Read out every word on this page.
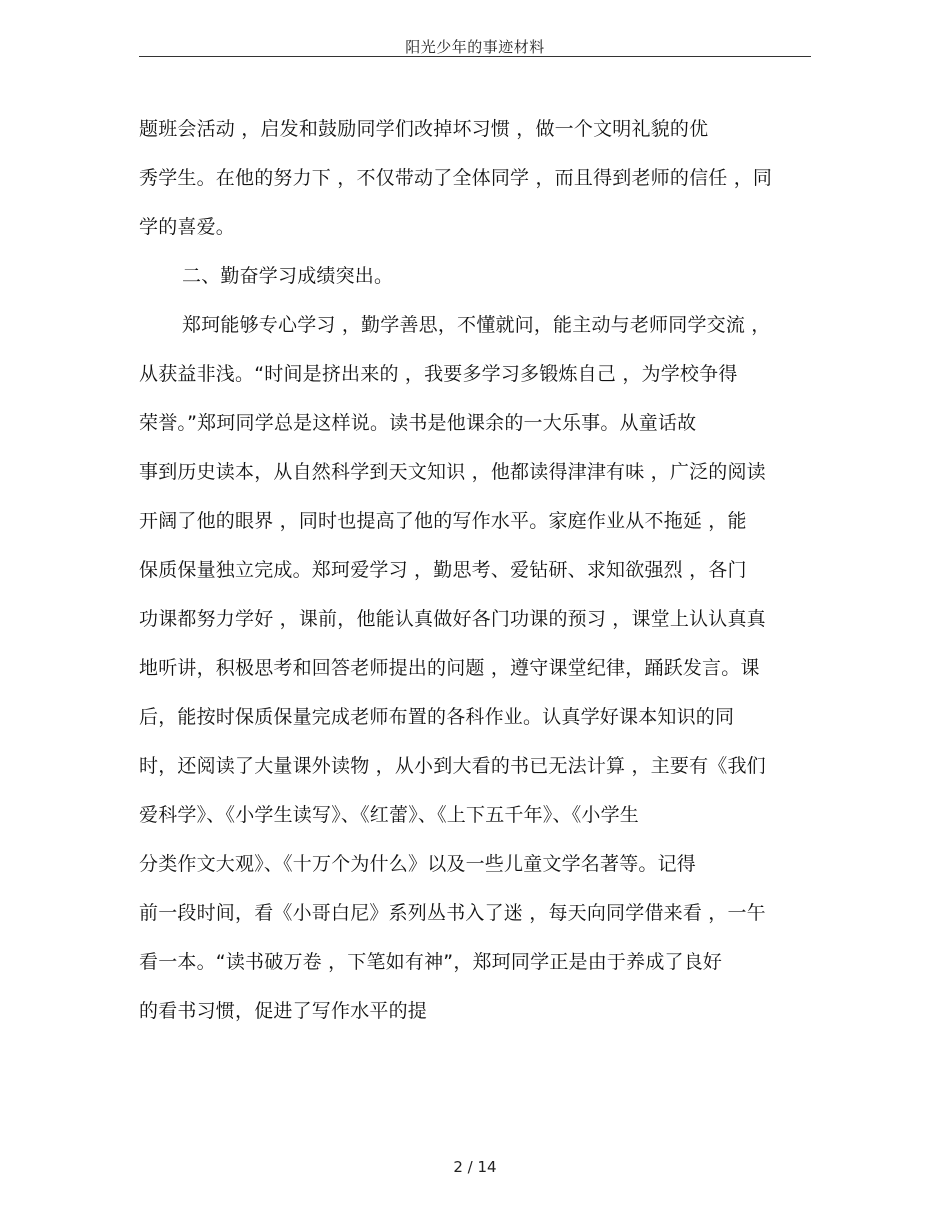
阳光少年的事迹材料
题班会活动 ，启发和鼓励同学们改掉坏习惯 ，做一个文明礼貌的优
秀学生。在他的努力下 ，不仅带动了全体同学 ，而且得到老师的信任 ，同
学的喜爱。
二、勤奋学习成绩突出。
郑珂能够专心学习 ，勤学善思，不懂就问，能主动与老师同学交流 ，
从获益非浅。“时间是挤出来的 ，我要多学习多锻炼自己 ，为学校争得
荣誉。”郑珂同学总是这样说。读书是他课余的一大乐事。从童话故
事到历史读本，从自然科学到天文知识 ，他都读得津津有味 ，广泛的阅读
开阔了他的眼界 ，同时也提高了他的写作水平。家庭作业从不拖延 ，能
保质保量独立完成。郑珂爱学习 ，勤思考、爱钻研、求知欲强烈 ，各门
功课都努力学好 ，课前，他能认真做好各门功课的预习 ，课堂上认认真真
地听讲，积极思考和回答老师提出的问题 ，遵守课堂纪律，踊跃发言。课
后，能按时保质保量完成老师布置的各科作业。认真学好课本知识的同
时，还阅读了大量课外读物 ，从小到大看的书已无法计算 ，主要有《我们
爱科学》、《小学生读写》、《红蕾》、《上下五千年》、《小学生
分类作文大观》、《十万个为什么》以及一些儿童文学名著等。记得
前一段时间，看《小哥白尼》系列丛书入了迷 ，每天向同学借来看 ，一午
看一本。“读书破万卷 ，下笔如有神”，郑珂同学正是由于养成了良好
的看书习惯，促进了写作水平的提
2 / 14
